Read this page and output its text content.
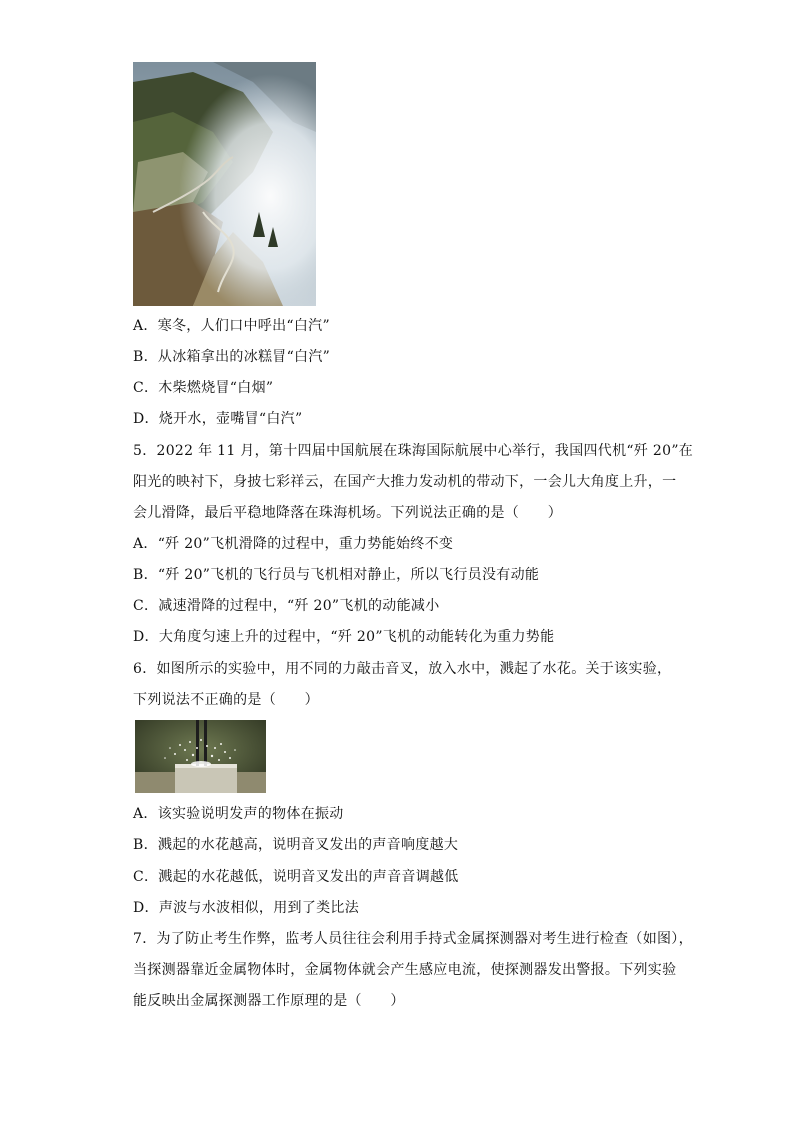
A．寒冬，人们口中呼出“白汽”
B．从冰箱拿出的冰糕冒“白汽”
C．木柴燃烧冒“白烟”
D．烧开水，壶嘴冒“白汽”
5．2022 年 11 月，第十四届中国航展在珠海国际航展中心举行，我国四代机“歼 20”在
阳光的映衬下，身披七彩祥云，在国产大推力发动机的带动下，一会儿大角度上升，一
会儿滑降，最后平稳地降落在珠海机场。下列说法正确的是（　　）
A．“歼 20”飞机滑降的过程中，重力势能始终不变
B．“歼 20”飞机的飞行员与飞机相对静止，所以飞行员没有动能
C．减速滑降的过程中，“歼 20”飞机的动能减小
D．大角度匀速上升的过程中，“歼 20”飞机的动能转化为重力势能
6．如图所示的实验中，用不同的力敲击音叉，放入水中，溅起了水花。关于该实验，
下列说法不正确的是（　　）
A．该实验说明发声的物体在振动
B．溅起的水花越高，说明音叉发出的声音响度越大
C．溅起的水花越低，说明音叉发出的声音音调越低
D．声波与水波相似，用到了类比法
7．为了防止考生作弊，监考人员往往会利用手持式金属探测器对考生进行检查（如图），
当探测器靠近金属物体时，金属物体就会产生感应电流，使探测器发出警报。下列实验
能反映出金属探测器工作原理的是（　　）
